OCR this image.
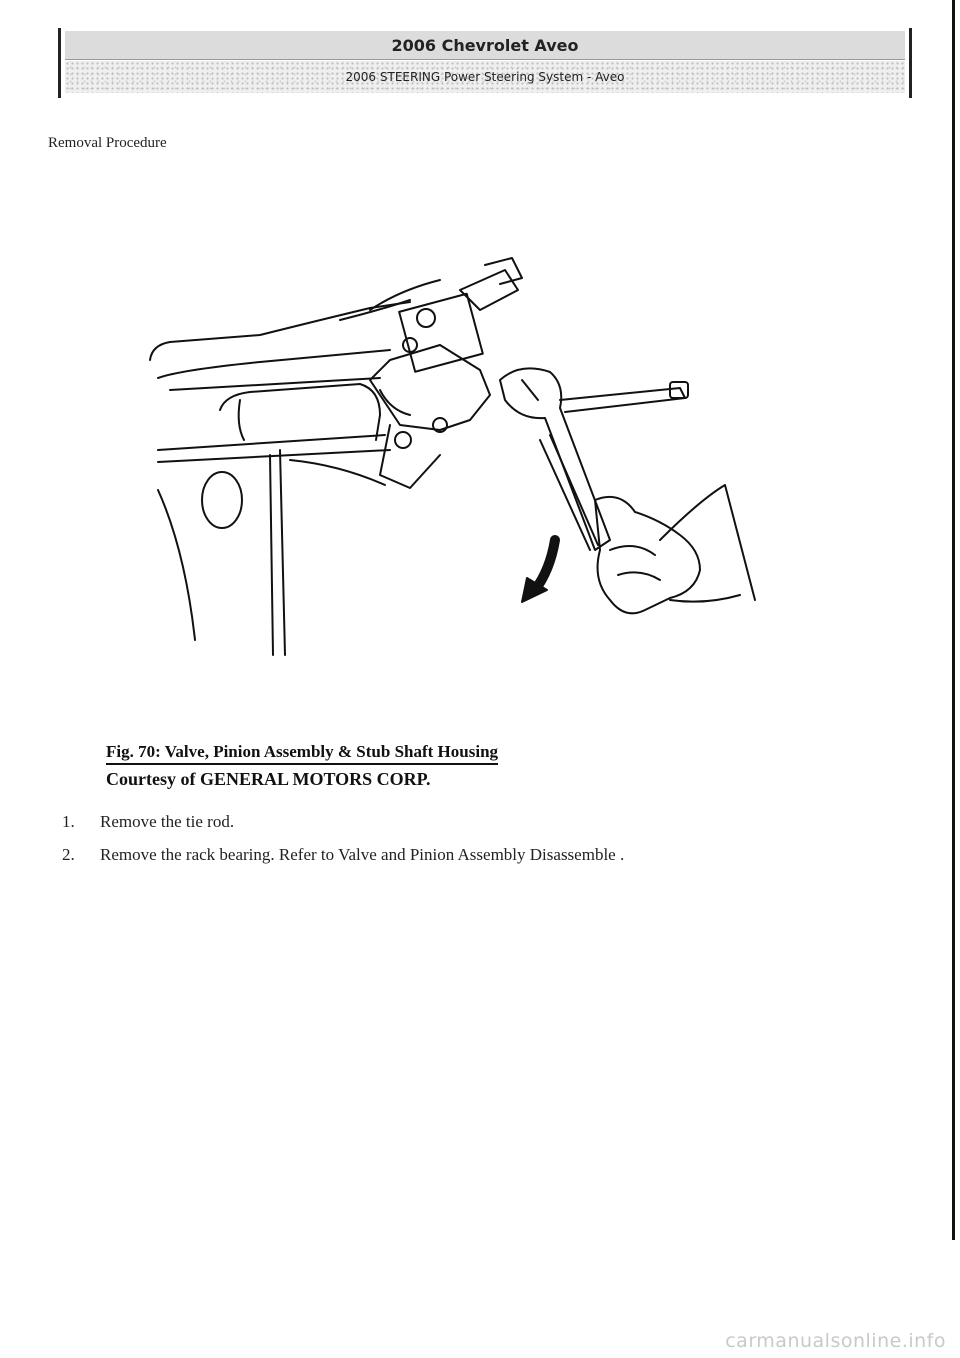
2006 Chevrolet Aveo
2006 STEERING Power Steering System - Aveo
Removal Procedure
Fig. 70: Valve, Pinion Assembly & Stub Shaft Housing
Courtesy of GENERAL MOTORS CORP.
1.	Remove the tie rod.
2.	Remove the rack bearing. Refer to Valve and Pinion Assembly Disassemble .
carmanualsonline.info
